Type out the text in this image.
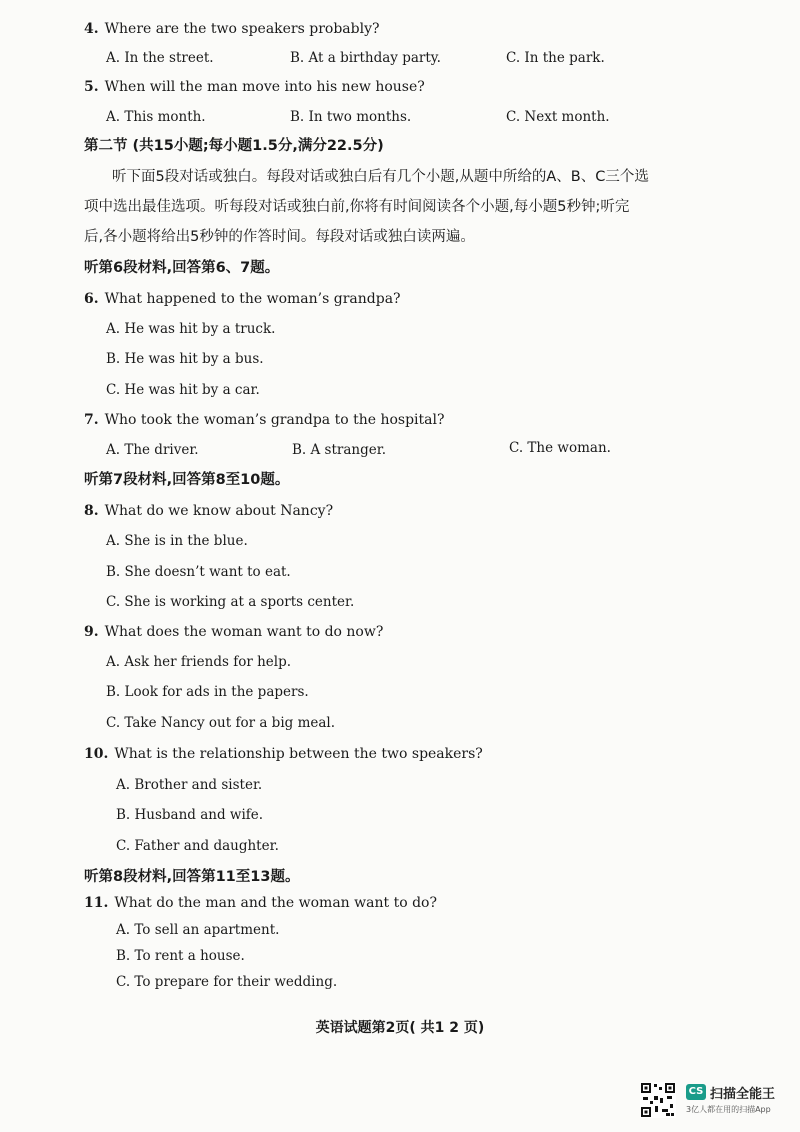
4. Where are the two speakers probably?
A. In the street.	B. At a birthday party.	C. In the park.
5. When will the man move into his new house?
A. This month.	B. In two months.	C. Next month.
第二节 (共15小题;每小题1.5分,满分22.5分)
听下面5段对话或独白。每段对话或独白后有几个小题,从题中所给的A、B、C三个选
项中选出最佳选项。听每段对话或独白前,你将有时间阅读各个小题,每小题5秒钟;听完
后,各小题将给出5秒钟的作答时间。每段对话或独白读两遍。
听第6段材料,回答第6、7题。
6. What happened to the woman’s grandpa?
A. He was hit by a truck.
B. He was hit by a bus.
C. He was hit by a car.
7. Who took the woman’s grandpa to the hospital?
A. The driver.	B. A stranger.	C. The woman.
听第7段材料,回答第8至10题。
8. What do we know about Nancy?
A. She is in the blue.
B. She doesn’t want to eat.
C. She is working at a sports center.
9. What does the woman want to do now?
A. Ask her friends for help.
B. Look for ads in the papers.
C. Take Nancy out for a big meal.
10. What is the relationship between the two speakers?
A. Brother and sister.
B. Husband and wife.
C. Father and daughter.
听第8段材料,回答第11至13题。
11. What do the man and the woman want to do?
A. To sell an apartment.
B. To rent a house.
C. To prepare for their wedding.
英语试题第2页( 共1 2 页)
CS 扫描全能王
3亿人都在用的扫描App
